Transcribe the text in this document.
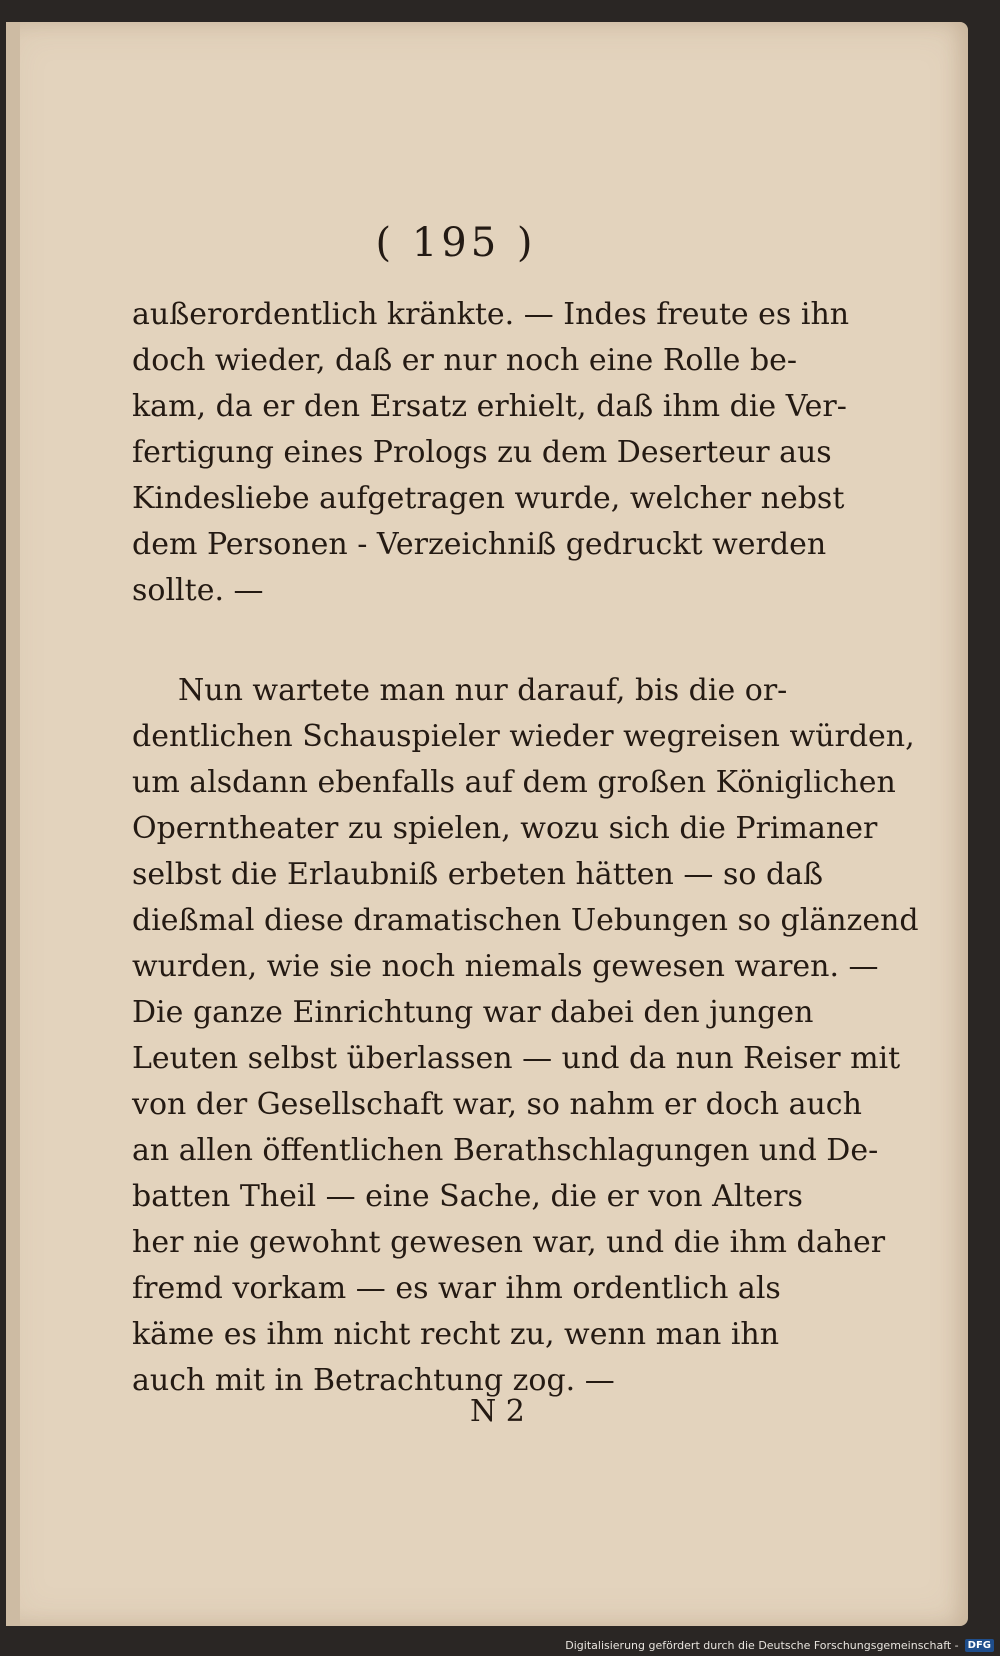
( 195 )
außerordentlich kränkte. — Indes freute es ihn
doch wieder, daß er nur noch eine Rolle be-
kam, da er den Ersatz erhielt, daß ihm die Ver-
fertigung eines Prologs zu dem Deserteur aus
Kindesliebe aufgetragen wurde, welcher nebst
dem Personen - Verzeichniß gedruckt werden
sollte. —
Nun wartete man nur darauf, bis die or-
dentlichen Schauspieler wieder wegreisen würden,
um alsdann ebenfalls auf dem großen Königlichen
Operntheater zu spielen, wozu sich die Primaner
selbst die Erlaubniß erbeten hätten — so daß
dießmal diese dramatischen Uebungen so glänzend
wurden, wie sie noch niemals gewesen waren. —
Die ganze Einrichtung war dabei den jungen
Leuten selbst überlassen — und da nun Reiser mit
von der Gesellschaft war, so nahm er doch auch
an allen öffentlichen Berathschlagungen und De-
batten Theil — eine Sache, die er von Alters
her nie gewohnt gewesen war, und die ihm daher
fremd vorkam — es war ihm ordentlich als
käme es ihm nicht recht zu, wenn man ihn
auch mit in Betrachtung zog. —
N 2
Digitalisierung gefördert durch die Deutsche Forschungsgemeinschaft - DFG
